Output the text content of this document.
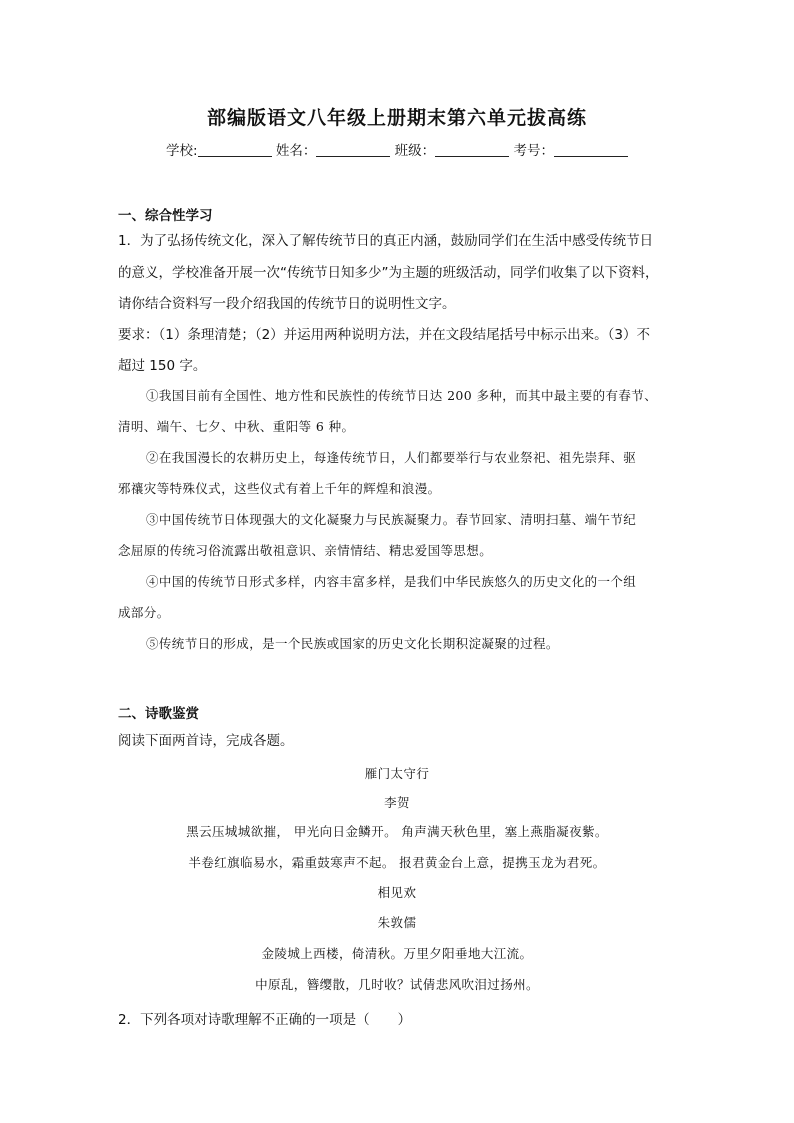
部编版语文八年级上册期末第六单元拔高练
学校:	姓名：	班级：	考号：
一、综合性学习
1．为了弘扬传统文化，深入了解传统节日的真正内涵，鼓励同学们在生活中感受传统节日
的意义，学校准备开展一次“传统节日知多少”为主题的班级活动，同学们收集了以下资料，
请你结合资料写一段介绍我国的传统节日的说明性文字。
要求：（1）条理清楚；（2）并运用两种说明方法，并在文段结尾括号中标示出来。（3）不
超过 150 字。
①我国目前有全国性、地方性和民族性的传统节日达 200 多种，而其中最主要的有春节、
清明、端午、七夕、中秋、重阳等 6 种。
②在我国漫长的农耕历史上，每逢传统节日，人们都要举行与农业祭祀、祖先崇拜、驱
邪禳灾等特殊仪式，这些仪式有着上千年的辉煌和浪漫。
③中国传统节日体现强大的文化凝聚力与民族凝聚力。春节回家、清明扫墓、端午节纪
念屈原的传统习俗流露出敬祖意识、亲情情结、精忠爱国等思想。
④中国的传统节日形式多样，内容丰富多样，是我们中华民族悠久的历史文化的一个组
成部分。
⑤传统节日的形成，是一个民族或国家的历史文化长期积淀凝聚的过程。
二、诗歌鉴赏
阅读下面两首诗，完成各题。
雁门太守行
李贺
黑云压城城欲摧， 甲光向日金鳞开。 角声满天秋色里，塞上燕脂凝夜紫。
半卷红旗临易水，霜重鼓寒声不起。 报君黄金台上意，提携玉龙为君死。
相见欢
朱敦儒
金陵城上西楼，倚清秋。万里夕阳垂地大江流。
中原乱，簪缨散，几时收？试倩悲风吹泪过扬州。
2．下列各项对诗歌理解不正确的一项是（ ）
